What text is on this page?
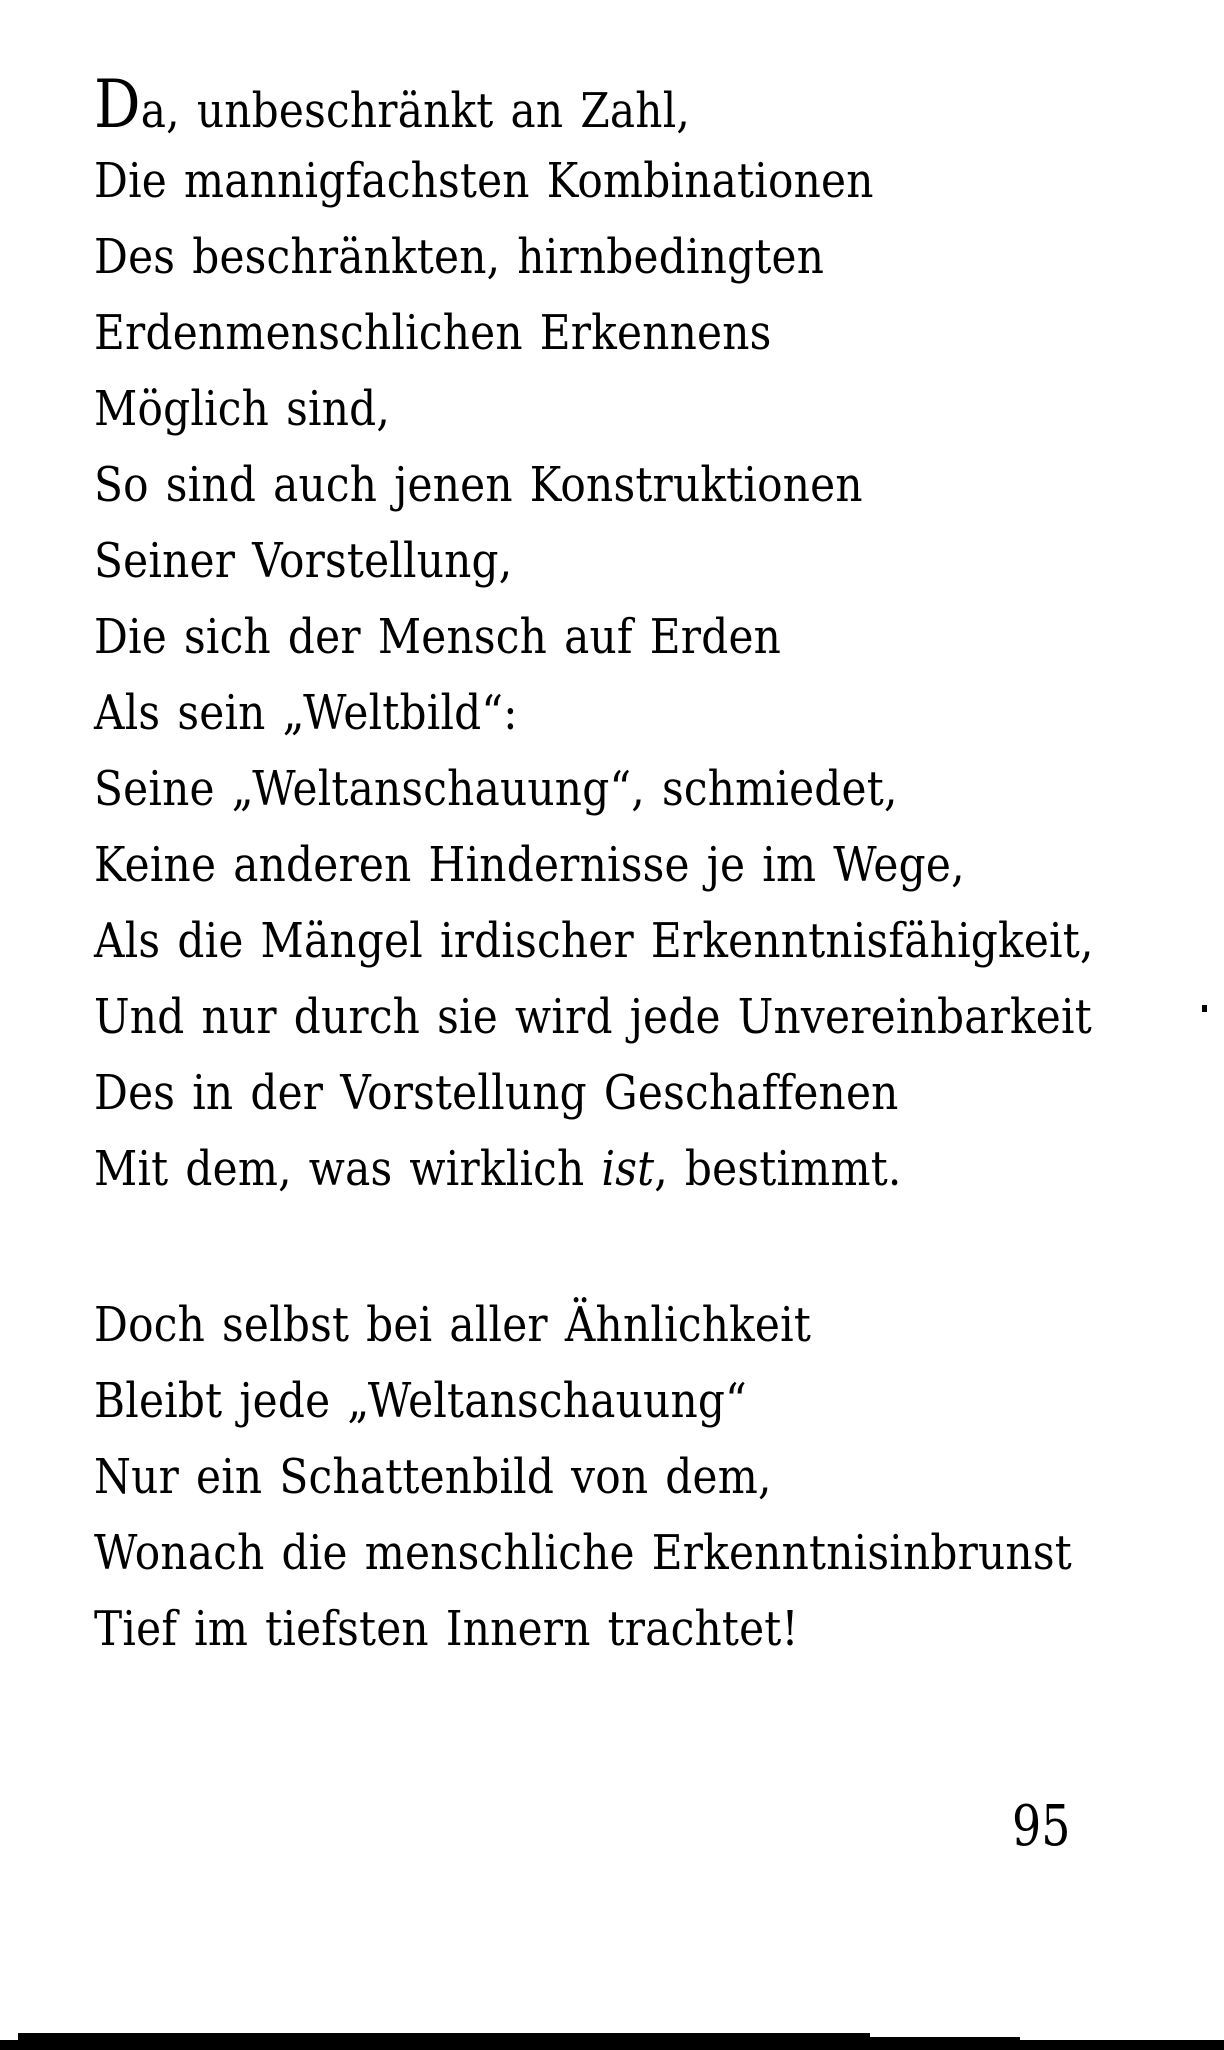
Da, unbeschränkt an Zahl,
Die mannigfachsten Kombinationen
Des beschränkten, hirnbedingten
Erdenmenschlichen Erkennens
Möglich sind,
So sind auch jenen Konstruktionen
Seiner Vorstellung,
Die sich der Mensch auf Erden
Als sein „Weltbild“:
Seine „Weltanschauung“, schmiedet,
Keine anderen Hindernisse je im Wege,
Als die Mängel irdischer Erkenntnisfähigkeit,
Und nur durch sie wird jede Unvereinbarkeit
Des in der Vorstellung Geschaffenen
Mit dem, was wirklich ist, bestimmt.
Doch selbst bei aller Ähnlichkeit
Bleibt jede „Weltanschauung“
Nur ein Schattenbild von dem,
Wonach die menschliche Erkenntnisinbrunst
Tief im tiefsten Innern trachtet!
95
